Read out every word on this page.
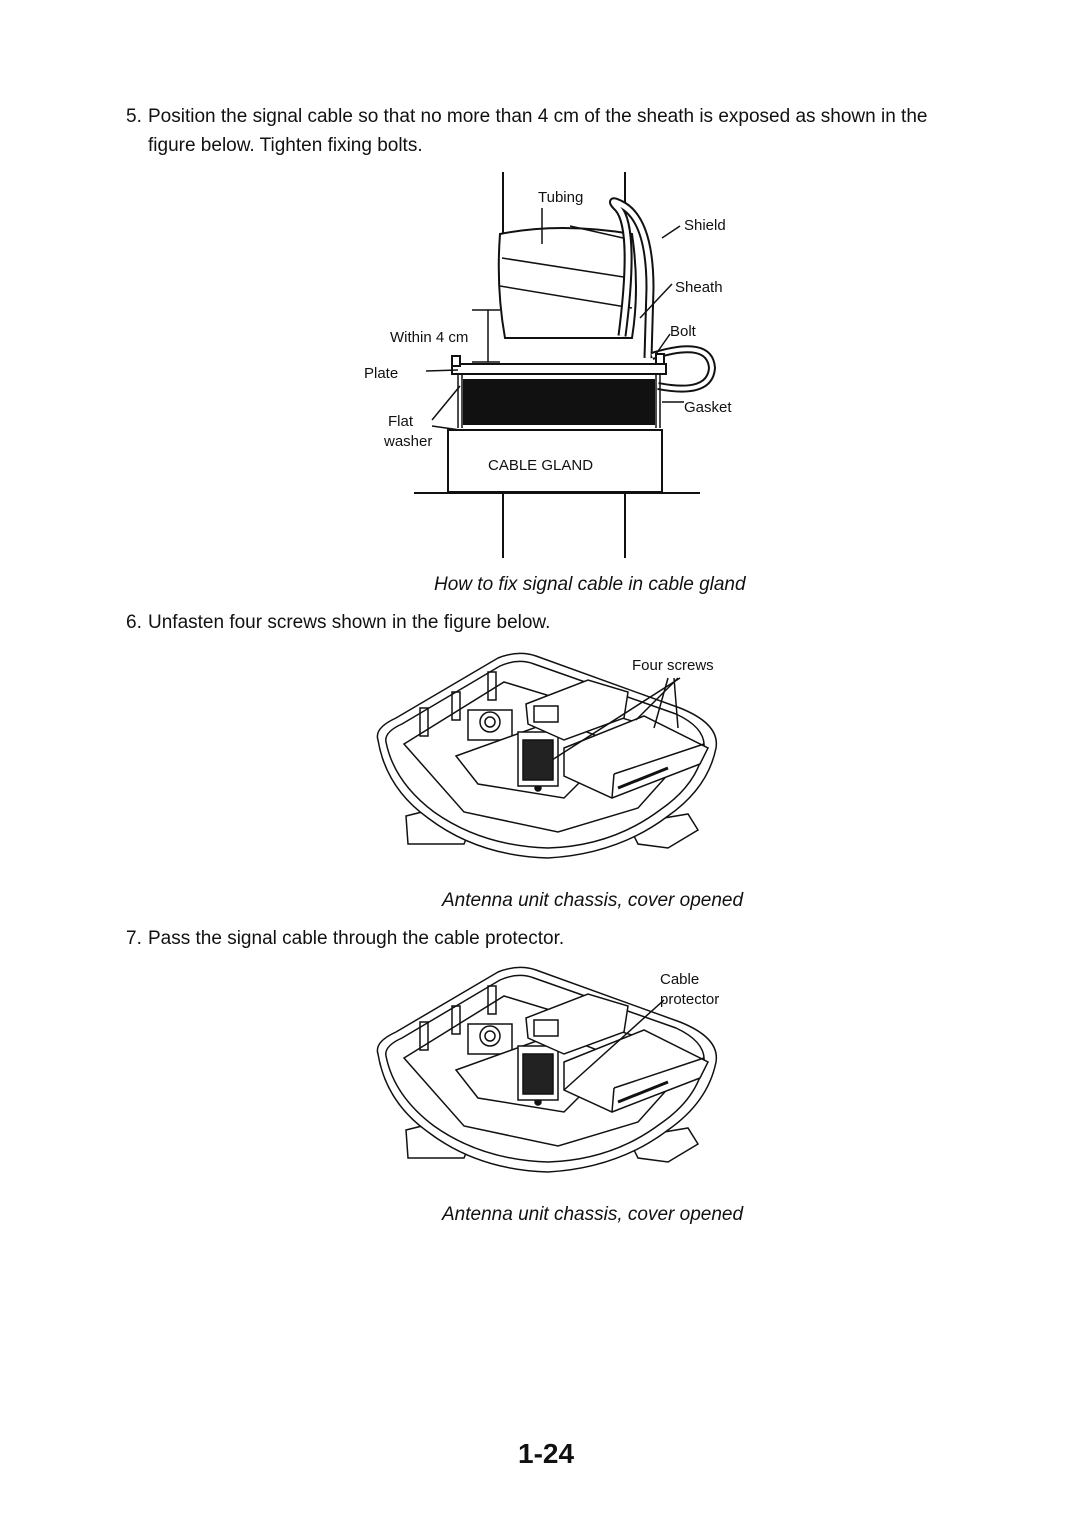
5. Position the signal cable so that no more than 4 cm of the sheath is exposed as shown in the figure below. Tighten fixing bolts.
Tubing
Shield
Sheath
Within 4 cm	Bolt
Plate
Gasket
Flat
washer
CABLE GLAND
How to fix signal cable in cable gland
6. Unfasten four screws shown in the figure below.
Four screws
Antenna unit chassis, cover opened
7. Pass the signal cable through the cable protector.
Cable
protector
Antenna unit chassis, cover opened
1-24
